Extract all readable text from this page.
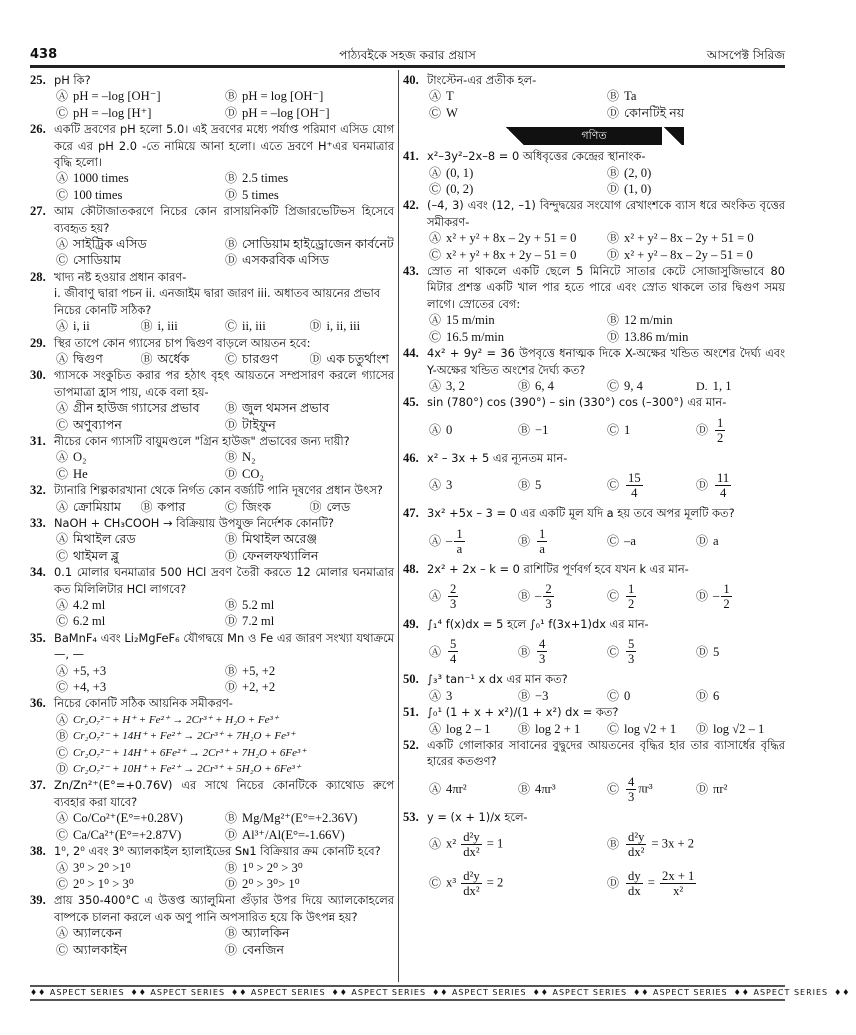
438	পাঠ্যবইকে সহজ করার প্রয়াস	আসপেক্ট সিরিজ
25. pH কি?
Ⓐ pH = –log [OH⁻]	Ⓑ pH = log [OH⁻]
Ⓒ pH = –log [H⁺]	Ⓓ pH = –log [OH⁻]
26. একটি দ্রবণের pH হলো 5.0। এই দ্রবণের মধ্যে পর্যাপ্ত পরিমাণ এসিড যোগ করে এর pH 2.0 -তে নামিয়ে আনা হলো। এতে দ্রবণে H⁺এর ঘনমাত্রার বৃদ্ধি হলো।
Ⓐ 1000 times	Ⓑ 2.5 times
Ⓒ 100 times	Ⓓ 5 times
27. আম কৌটাজাতকরণে নিচের কোন রাসায়নিকটি প্রিজারভেটিভস হিসেবে ব্যবহৃত হয়?
Ⓐ সাইট্রিক এসিড	Ⓑ সোডিয়াম হাইড্রোজেন কার্বনেট
Ⓒ সোডিয়াম	Ⓓ এসকরবিক এসিড
28. খাদ্য নষ্ট হওয়ার প্রধান কারণ-
i. জীবাণু দ্বারা পচন ii. এনজাইম দ্বারা জারণ iii. অধাতব আয়নের প্রভাব
নিচের কোনটি সঠিক?
Ⓐ i, ii	Ⓑ i, iii	Ⓒ ii, iii	Ⓓ i, ii, iii
29. স্থির তাপে কোন গ্যাসের চাপ দ্বিগুণ বাড়লে আয়তন হবে:
Ⓐ দ্বিগুণ	Ⓑ অর্ধেক	Ⓒ চারগুণ	Ⓓ এক চতুর্থাংশ
30. গ্যাসকে সংকুচিত করার পর হঠাৎ বৃহৎ আয়তনে সম্প্রসারণ করলে গ্যাসের তাপমাত্রা হ্রাস পায়, একে বলা হয়-
Ⓐ গ্রীন হাউজ গ্যাসের প্রভাব Ⓑ জুল থমসন প্রভাব
Ⓒ অণুব্যাপন	Ⓓ টাইফুন
31. নীচের কোন গ্যাসটি বায়ুমণ্ডলে "গ্রিন হাউজ" প্রভাবের জন্য দায়ী?
Ⓐ O₂	Ⓑ N₂
Ⓒ He	Ⓓ CO₂
32. ট্যানারি শিল্পকারখানা থেকে নির্গত কোন বর্জ্যটি পানি দূষণের প্রধান উৎস?
Ⓐ ক্রোমিয়াম Ⓑ কপার	Ⓒ জিংক	Ⓓ লেড
33. NaOH + CH₃COOH → বিক্রিয়ায় উপযুক্ত নির্দেশক কোনটি?
Ⓐ মিথাইল রেড	Ⓑ মিথাইল অরেঞ্জ
Ⓒ থাইমল ব্লু	Ⓓ ফেনলফথ্যালিন
34. 0.1 মোলার ঘনমাত্রার 500 HCl দ্রবণ তৈরী করতে 12 মোলার ঘনমাত্রার কত মিলিলিটার HCl লাগবে?
Ⓐ 4.2 ml	Ⓑ 5.2 ml
Ⓒ 6.2 ml	Ⓓ 7.2 ml
35. BaMnF₄ এবং Li₂MgFeF₆ যৌগদ্বয়ে Mn ও Fe এর জারণ সংখ্যা যথাক্রমে —, —
Ⓐ +5, +3	Ⓑ +5, +2
Ⓒ +4, +3	Ⓓ +2, +2
36. নিচের কোনটি সঠিক আয়নিক সমীকরণ-
Ⓐ Cr₂O₇²⁻ + H⁺ + Fe²⁺ → 2Cr³⁺ + H₂O + Fe³⁺
Ⓑ Cr₂O₇²⁻ + 14H⁺ + Fe²⁺ → 2Cr³⁺ + 7H₂O + Fe³⁺
Ⓒ Cr₂O₇²⁻ + 14H⁺ + 6Fe²⁺ → 2Cr³⁺ + 7H₂O + 6Fe³⁺
Ⓓ Cr₂O₇²⁻ + 10H⁺ + Fe²⁺ → 2Cr³⁺ + 5H₂O + 6Fe³⁺
37. Zn/Zn²⁺(E°=+0.76V) এর সাথে নিচের কোনটিকে ক্যাথোড রুপে ব্যবহার করা যাবে?
Ⓐ Co/Co²⁺(E°=+0.28V)	Ⓑ Mg/Mg²⁺(E°=+2.36V)
Ⓒ Ca/Ca²⁺(E°=+2.87V)	Ⓓ Al³⁺/Al(E°=-1.66V)
38. 1⁰, 2⁰ এবং 3⁰ অ্যালকাইল হ্যালাইডের Sɴ1 বিক্রিয়ার ক্রম কোনটি হবে?
Ⓐ 3⁰ > 2⁰ >1⁰	Ⓑ 1⁰ > 2⁰ > 3⁰
Ⓒ 2⁰ > 1⁰ > 3⁰	Ⓓ 2⁰ > 3⁰> 1⁰
39. প্রায় 350-400°C এ উত্তপ্ত অ্যালুমিনা গুঁড়ার উপর দিয়ে অ্যালকোহলের বাষ্পকে চালনা করলে এক অণু পানি অপসারিত হয়ে কি উৎপন্ন হয়?
Ⓐ অ্যালকেন	Ⓑ অ্যালকিন
Ⓒ অ্যালকাইন	Ⓓ বেনজিন
40. টাংস্টেন-এর প্রতীক হল-
Ⓐ T	Ⓑ Ta
Ⓒ W	Ⓓ কোনটিই নয়
গণিত
41. x²–3y²–2x–8 = 0 অধিবৃত্তের কেন্দ্রের স্থানাংক-
Ⓐ (0, 1)	Ⓑ (2, 0)
Ⓒ (0, 2)	Ⓓ (1, 0)
42. (–4, 3) এবং (12, –1) বিন্দুদ্বয়ের সংযোগ রেখাংশকে ব্যাস ধরে অংকিত বৃত্তের সমীকরণ-
Ⓐ x² + y² + 8x – 2y + 51 = 0	Ⓑ x² + y² – 8x – 2y + 51 = 0
Ⓒ x² + y² + 8x + 2y – 51 = 0	Ⓓ x² + y² – 8x – 2y – 51 = 0
43. স্রোত না থাকলে একটি ছেলে 5 মিনিটে সাতার কেটে সোজাসুজিভাবে 80 মিটার প্রশস্ত একটি খাল পার হতে পারে এবং স্রোত থাকলে তার দ্বিগুণ সময় লাগে। স্রোতের বেগ:
Ⓐ 15 m/min	Ⓑ 12 m/min
Ⓒ 16.5 m/min	Ⓓ 13.86 m/min
44. 4x² + 9y² = 36 উপবৃত্তে ধনাত্মক দিকে X-অক্ষের খন্ডিত অংশের দৈর্ঘ্য এবং Y-অক্ষের খন্ডিত অংশের দৈর্ঘ্য কত?
Ⓐ 3, 2	Ⓑ 6, 4	Ⓒ 9, 4	D. 1, 1
45. sin (780°) cos (390°) – sin (330°) cos (–300°) এর মান-
Ⓐ 0	Ⓑ −1	Ⓒ 1	Ⓓ $\frac{1}{2}$
46. x² – 3x + 5 এর ন্যূনতম মান-
Ⓐ 3	Ⓑ 5	Ⓒ $\frac{15}{4}$	Ⓓ $\frac{11}{4}$
47. 3x² +5x – 3 = 0 এর একটি মূল যদি a হয় তবে অপর মূলটি কত?
Ⓐ – $\frac{1}{a}$	Ⓑ $\frac{1}{a}$	Ⓒ –a	Ⓓ a
48. 2x² + 2x – k = 0 রাশিটির পূর্ণবর্গ হবে যখন k এর মান-
Ⓐ $\frac{2}{3}$	Ⓑ – $\frac{2}{3}$	Ⓒ $\frac{1}{2}$	Ⓓ – $\frac{1}{2}$
49. ∫₁⁴ f(x)dx = 5 হলে ∫₀¹ f(3x+1)dx এর মান-
Ⓐ $\frac{5}{4}$	Ⓑ $\frac{4}{3}$	Ⓒ $\frac{5}{3}$	Ⓓ 5
50. ∫₃³ tan⁻¹ x dx এর মান কত?
Ⓐ 3	Ⓑ −3	Ⓒ 0	Ⓓ 6
51. ∫₀¹ (1 + x + x²)/(1 + x²) dx = কত?
Ⓐ log 2 – 1 Ⓑ log 2 + 1 Ⓒ log √2 + 1 Ⓓ log √2 – 1
52. একটি গোলাকার সাবানের বুদ্বুদের আয়তনের বৃদ্ধির হার তার ব্যাসার্ধের বৃদ্ধির হারের কতগুণ?
Ⓐ 4πr²	Ⓑ 4πr³	Ⓒ $\frac{4}{3} \pi r^3$	Ⓓ πr²
53. y = (x + 1)/x হলে-
Ⓐ $x^2 \frac{\text{d²y}}{\text{dx²}} = 1$	Ⓑ $\frac{\text{d²y}}{\text{dx²}} = 3x + 2$
Ⓒ $x^3 \frac{\text{d²y}}{\text{dx²}} = 2$	Ⓓ $\frac{dy}{dx} = \frac{2x + 1}{\text{x²}}$
♦♦ ASPECT SERIES ♦♦ ASPECT SERIES ♦♦ ASPECT SERIES ♦♦ ASPECT SERIES ♦♦ ASPECT SERIES ♦♦ ASPECT SERIES ♦♦ ASPECT SERIES ♦♦ ASPECT SERIES ♦♦
